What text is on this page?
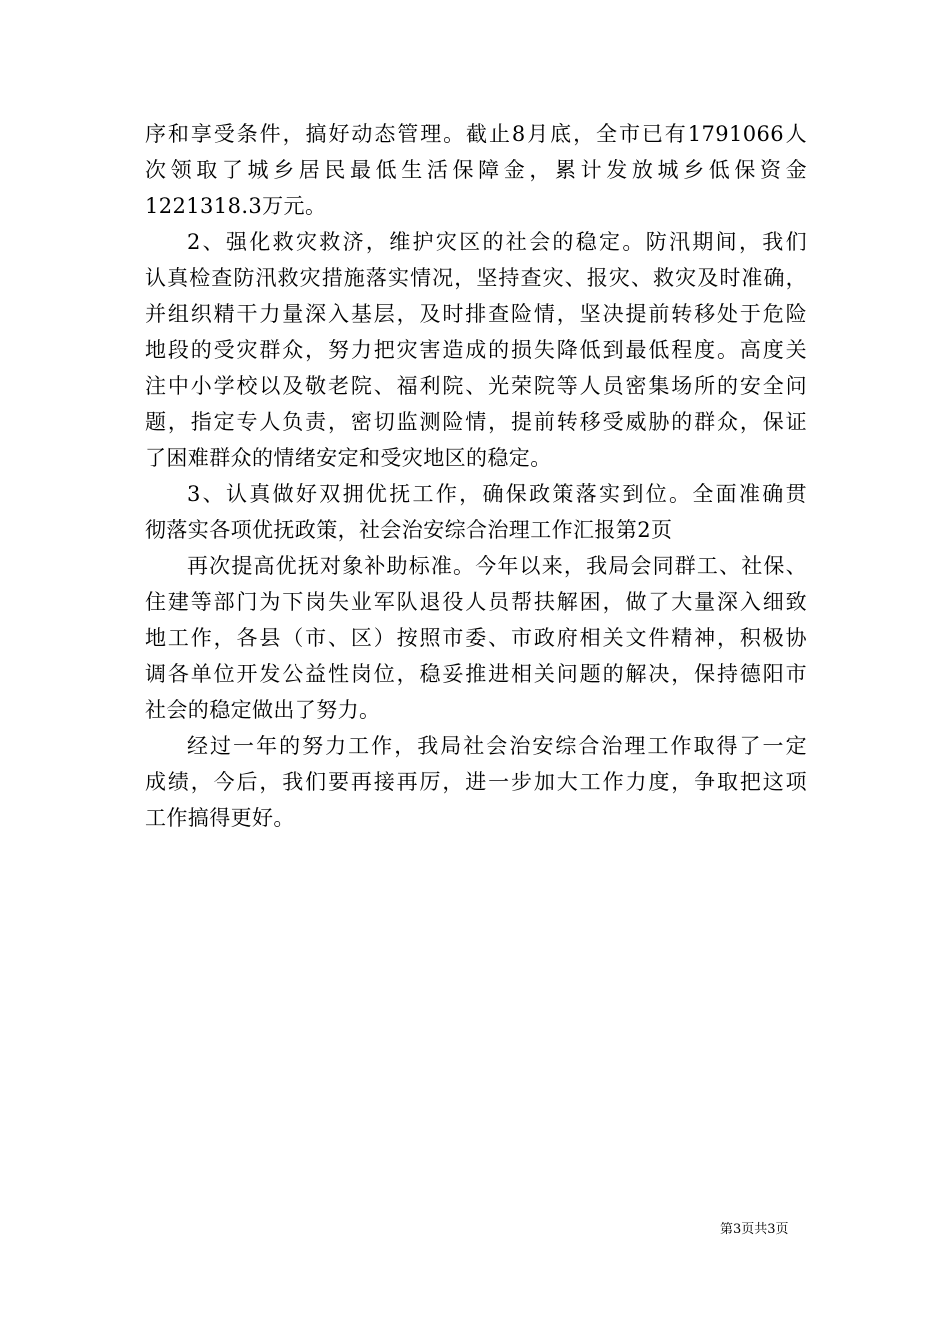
序和享受条件，搞好动态管理。截止8月底，全市已有1791066人
次领取了城乡居民最低生活保障金，累计发放城乡低保资金
1221318.3万元。
2、强化救灾救济，维护灾区的社会的稳定。防汛期间，我们
认真检查防汛救灾措施落实情况，坚持查灾、报灾、救灾及时准确，
并组织精干力量深入基层，及时排查险情，坚决提前转移处于危险
地段的受灾群众，努力把灾害造成的损失降低到最低程度。高度关
注中小学校以及敬老院、福利院、光荣院等人员密集场所的安全问
题，指定专人负责，密切监测险情，提前转移受威胁的群众，保证
了困难群众的情绪安定和受灾地区的稳定。
3、认真做好双拥优抚工作，确保政策落实到位。全面准确贯
彻落实各项优抚政策，社会治安综合治理工作汇报第2页
再次提高优抚对象补助标准。今年以来，我局会同群工、社保、
住建等部门为下岗失业军队退役人员帮扶解困，做了大量深入细致
地工作，各县（市、区）按照市委、市政府相关文件精神，积极协
调各单位开发公益性岗位，稳妥推进相关问题的解决，保持德阳市
社会的稳定做出了努力。
经过一年的努力工作，我局社会治安综合治理工作取得了一定
成绩，今后，我们要再接再厉，进一步加大工作力度，争取把这项
工作搞得更好。
第3页共3页
